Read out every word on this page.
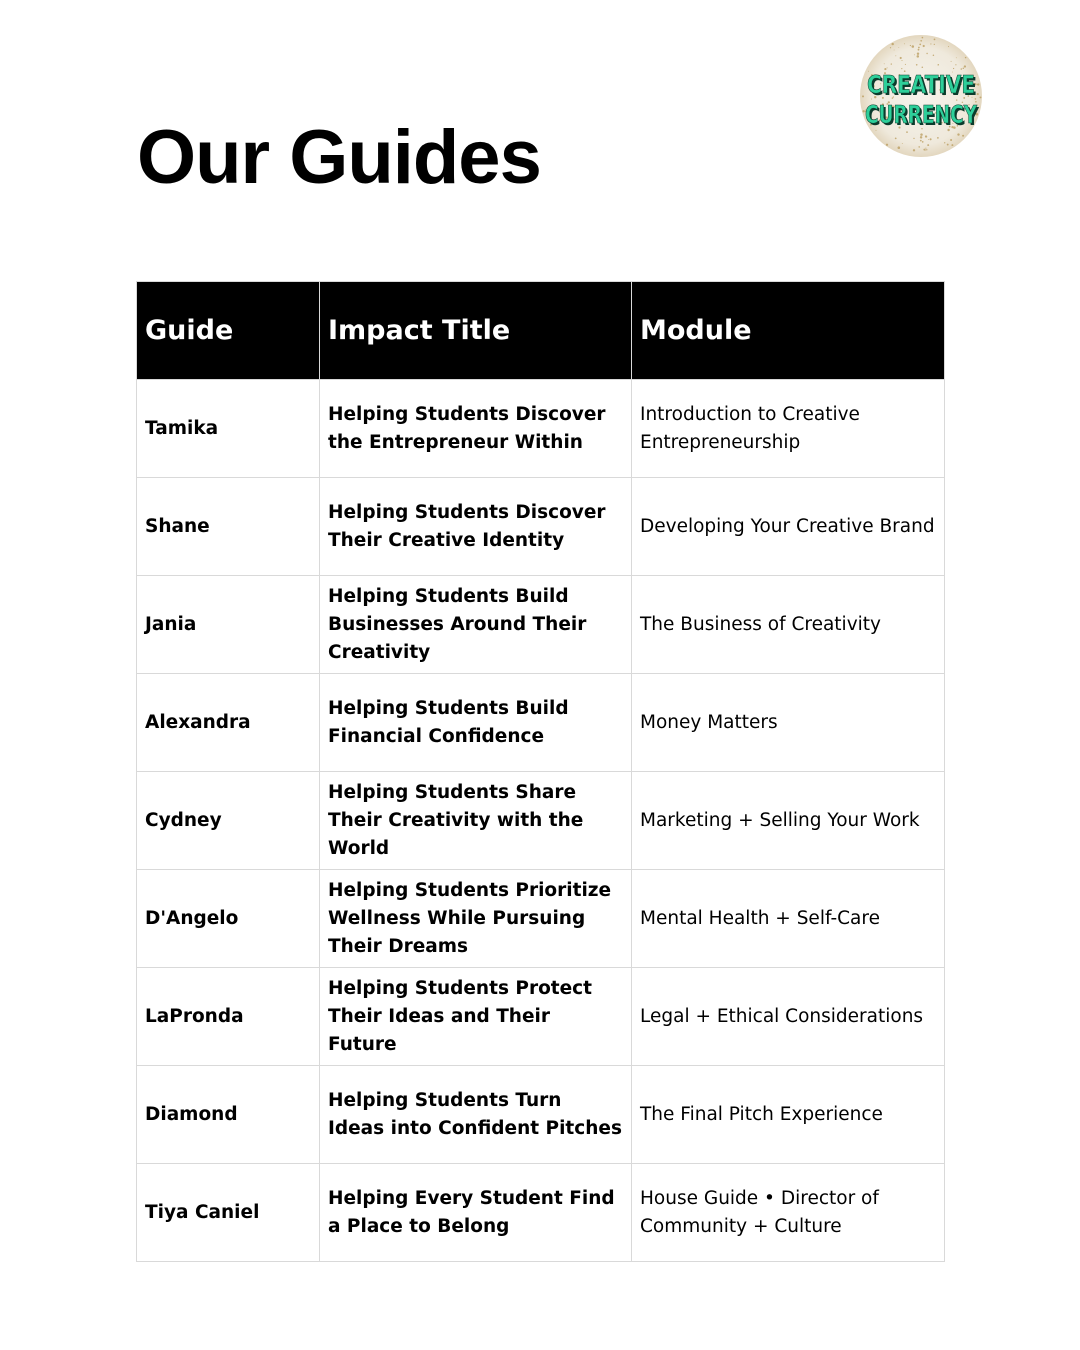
Our Guides
CREATIVE
CREATIVE
CURRENCY
CURRENCY
Guide	Impact Title	Module
Tamika	Helping Students Discover the Entrepreneur Within	Introduction to Creative Entrepreneurship
Shane	Helping Students Discover Their Creative Identity	Developing Your Creative Brand
Jania	Helping Students Build Businesses Around Their Creativity	The Business of Creativity
Alexandra	Helping Students Build Financial Confidence	Money Matters
Cydney	Helping Students Share Their Creativity with the World	Marketing + Selling Your Work
D'Angelo	Helping Students Prioritize Wellness While Pursuing Their Dreams	Mental Health + Self-Care
LaPronda	Helping Students Protect Their Ideas and Their Future	Legal + Ethical Considerations
Diamond	Helping Students Turn Ideas into Confident Pitches	The Final Pitch Experience
Tiya Caniel	Helping Every Student Find a Place to Belong	House Guide • Director of Community + Culture
